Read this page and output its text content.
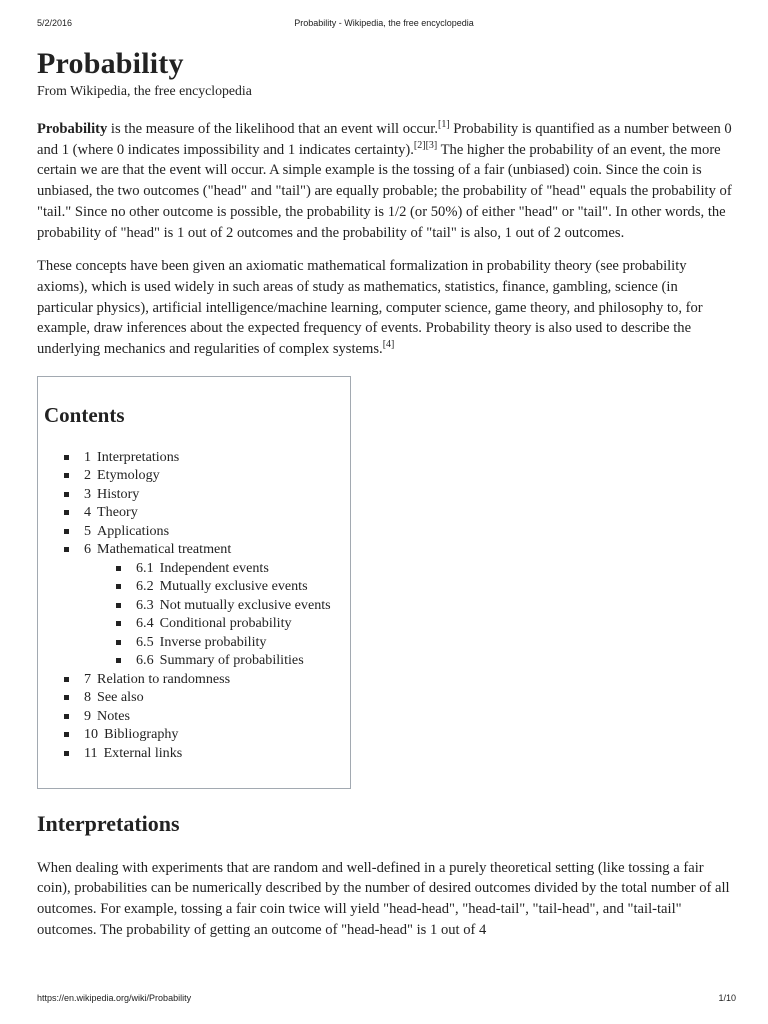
5/2/2016	Probability - Wikipedia, the free encyclopedia
Probability
From Wikipedia, the free encyclopedia

Probability is the measure of the likelihood that an event will occur.[1] Probability is quantified as a number between 0 and 1 (where 0 indicates impossibility and 1 indicates certainty).[2][3] The higher the probability of an event, the more certain we are that the event will occur. A simple example is the tossing of a fair (unbiased) coin. Since the coin is unbiased, the two outcomes ("head" and "tail") are equally probable; the probability of "head" equals the probability of "tail." Since no other outcome is possible, the probability is 1/2 (or 50%) of either "head" or "tail". In other words, the probability of "head" is 1 out of 2 outcomes and the probability of "tail" is also, 1 out of 2 outcomes.

These concepts have been given an axiomatic mathematical formalization in probability theory (see probability axioms), which is used widely in such areas of study as mathematics, statistics, finance, gambling, science (in particular physics), artificial intelligence/machine learning, computer science, game theory, and philosophy to, for example, draw inferences about the expected frequency of events. Probability theory is also used to describe the underlying mechanics and regularities of complex systems.[4]

Contents
1 Interpretations
2 Etymology
3 History
4 Theory
5 Applications
6 Mathematical treatment
6.1 Independent events
6.2 Mutually exclusive events
6.3 Not mutually exclusive events
6.4 Conditional probability
6.5 Inverse probability
6.6 Summary of probabilities
7 Relation to randomness
8 See also
9 Notes
10 Bibliography
11 External links
Interpretations

When dealing with experiments that are random and well-defined in a purely theoretical setting (like tossing a fair coin), probabilities can be numerically described by the number of desired outcomes divided by the total number of all outcomes. For example, tossing a fair coin twice will yield "head-head", "head-tail", "tail-head", and "tail-tail" outcomes. The probability of getting an outcome of "head-head" is 1 out of 4

https://en.wikipedia.org/wiki/Probability	1/10
